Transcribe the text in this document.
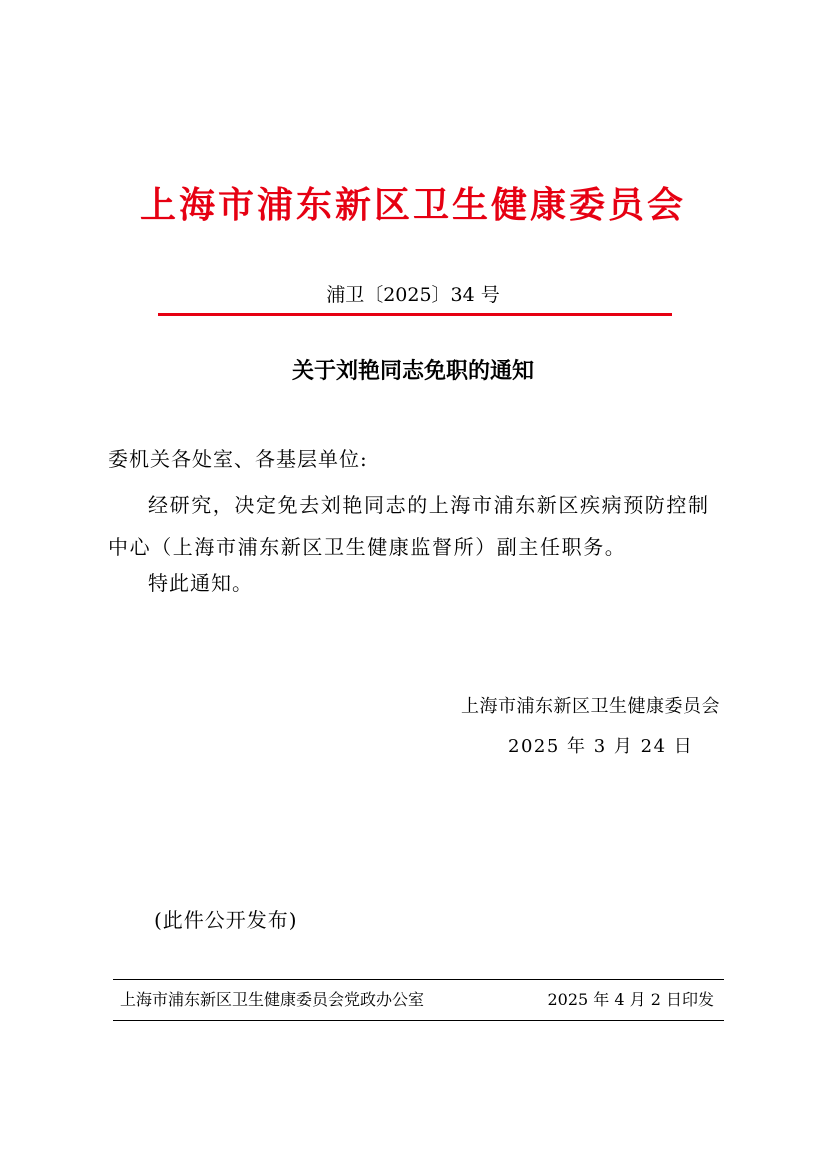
上海市浦东新区卫生健康委员会
浦卫〔2025〕34 号
关于刘艳同志免职的通知
委机关各处室、各基层单位:
经研究，决定免去刘艳同志的上海市浦东新区疾病预防控制中心（上海市浦东新区卫生健康监督所）副主任职务。
特此通知。
上海市浦东新区卫生健康委员会
2025 年 3 月 24 日
(此件公开发布)
上海市浦东新区卫生健康委员会党政办公室	2025 年 4 月 2 日印发
